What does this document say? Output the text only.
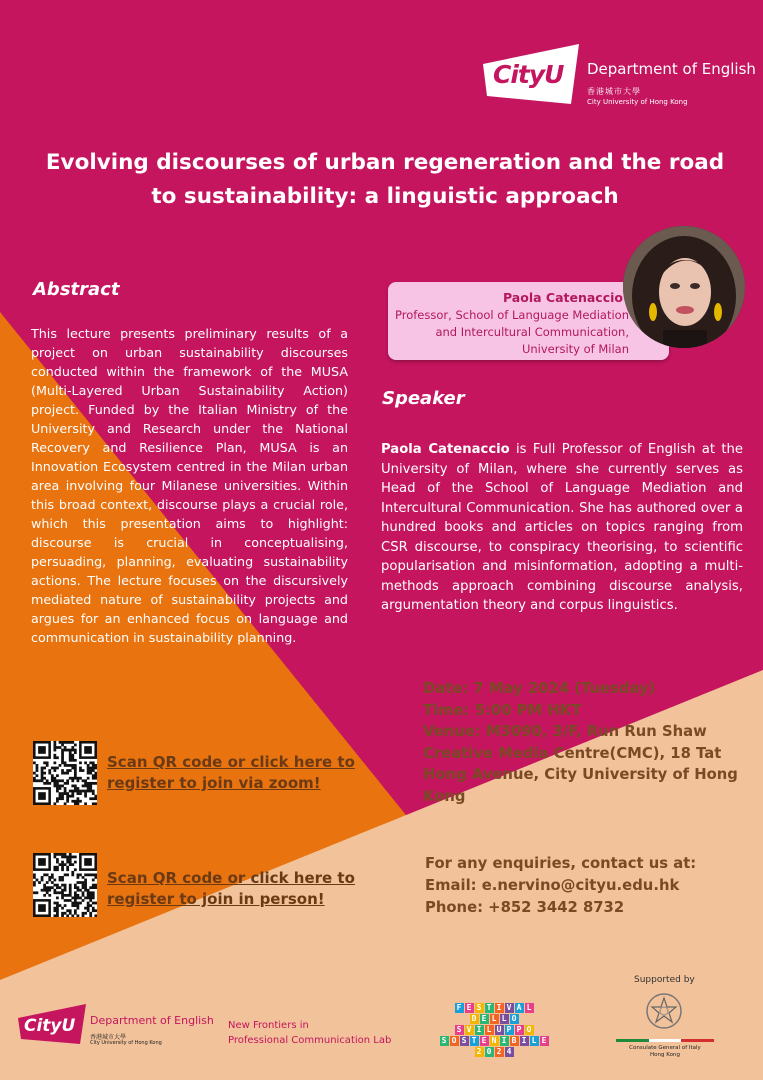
CityU Department of English
香港城市大學
City University of Hong Kong
Evolving discourses of urban regeneration and the road to sustainability: a linguistic approach
Abstract
This lecture presents preliminary results of a project on urban sustainability discourses conducted within the framework of the MUSA (Multi-Layered Urban Sustainability Action) project. Funded by the Italian Ministry of the University and Research under the National Recovery and Resilience Plan, MUSA is an Innovation Ecosystem centred in the Milan urban area involving four Milanese universities. Within this broad context, discourse plays a crucial role, which this presentation aims to highlight: discourse is crucial in conceptualising, persuading, planning, evaluating sustainability actions. The lecture focuses on the discursively mediated nature of sustainability projects and argues for an enhanced focus on language and communication in sustainability planning.
Paola Catenaccio
Professor, School of Language Mediation and Intercultural Communication, University of Milan
Speaker
Paola Catenaccio is Full Professor of English at the University of Milan, where she currently serves as Head of the School of Language Mediation and Intercultural Communication. She has authored over a hundred books and articles on topics ranging from CSR discourse, to conspiracy theorising, to scientific popularisation and misinformation, adopting a multi-methods approach combining discourse analysis, argumentation theory and corpus linguistics.
Date: 7 May 2024 (Tuesday)
Time: 5:00 PM HKT
Venue: M3090, 3/F, Run Run Shaw Creative Media Centre(CMC), 18 Tat Hong Avenue, City University of Hong Kong
For any enquiries, contact us at:
Email: e.nervino@cityu.edu.hk
Phone: +852 3442 8732
Scan QR code or click here to register to join via zoom!
Scan QR code or click here to register to join in person!
CityU Department of English
香港城市大學
City University of Hong Kong
New Frontiers in
Professional Communication Lab
F E S T I V A L
D E L L O
S V I L U P P O
S O S T E N I B I L E
2 0 2 4
Supported by
Consulate General of Italy
Hong Kong
